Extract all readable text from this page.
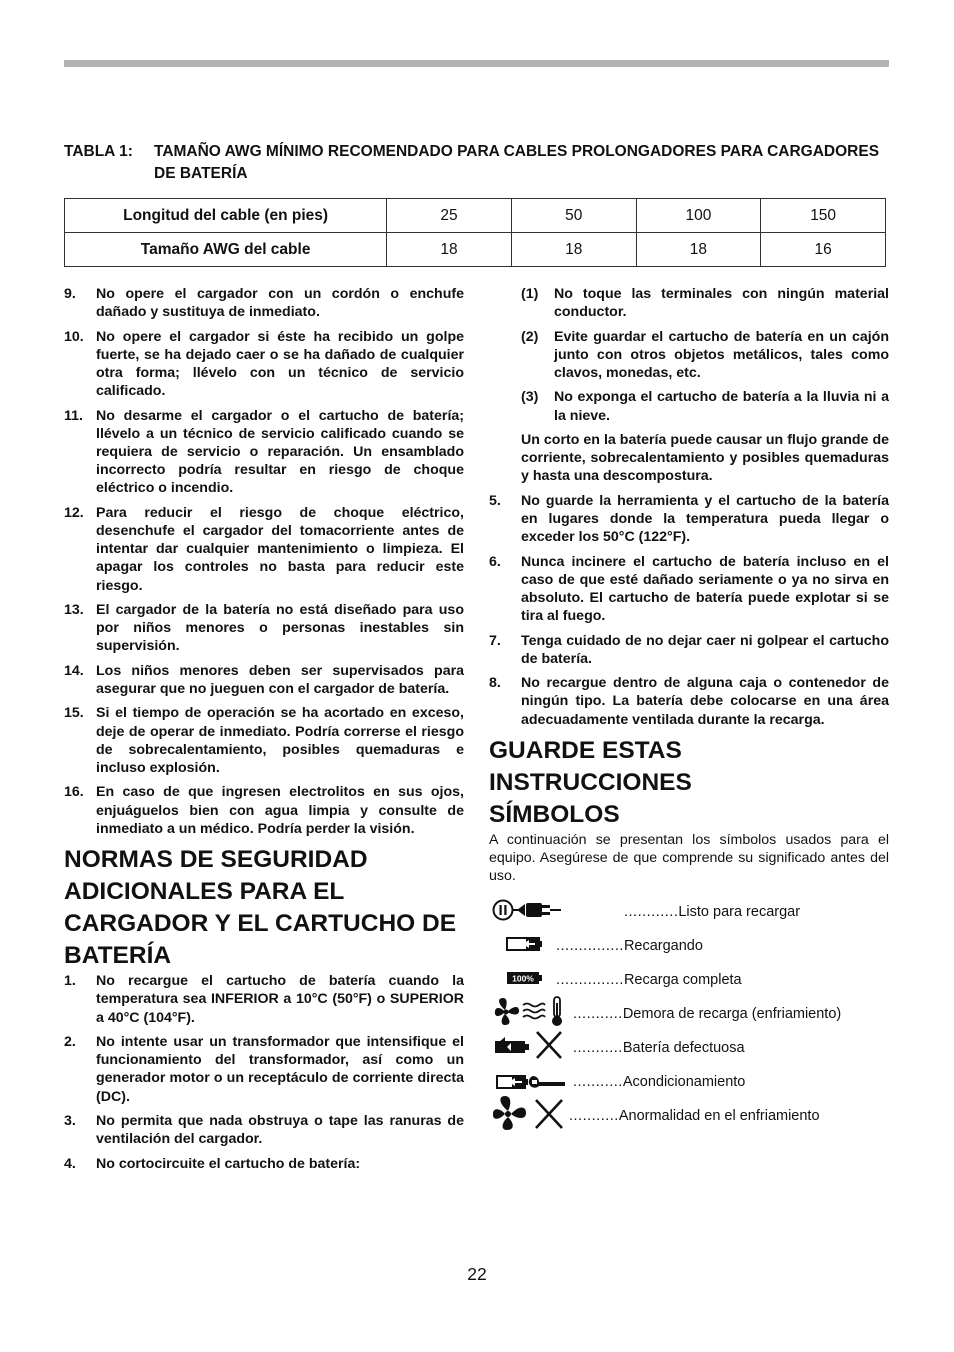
TABLA 1: TAMAÑO AWG MÍNIMO RECOMENDADO PARA CABLES PROLONGADORES PARA CARGADORES DE BATERÍA
Longitud del cable (en pies)	25	50	100	150
Tamaño AWG del cable	18	18	18	16
9. No opere el cargador con un cordón o enchufe dañado y sustituya de inmediato.
10. No opere el cargador si éste ha recibido un golpe fuerte, se ha dejado caer o se ha dañado de cualquier otra forma; llévelo con un técnico de servicio calificado.
11. No desarme el cargador o el cartucho de batería; llévelo a un técnico de servicio calificado cuando se requiera de servicio o reparación. Un ensamblado incorrecto podría resultar en riesgo de choque eléctrico o incendio.
12. Para reducir el riesgo de choque eléctrico, desenchufe el cargador del tomacorriente antes de intentar dar cualquier mantenimiento o limpieza. El apagar los controles no basta para reducir este riesgo.
13. El cargador de la batería no está diseñado para uso por niños menores o personas inestables sin supervisión.
14. Los niños menores deben ser supervisados para asegurar que no jueguen con el cargador de batería.
15. Si el tiempo de operación se ha acortado en exceso, deje de operar de inmediato. Podría correrse el riesgo de sobrecalentamiento, posibles quemaduras e incluso explosión.
16. En caso de que ingresen electrolitos en sus ojos, enjuáguelos bien con agua limpia y consulte de inmediato a un médico. Podría perder la visión.
NORMAS DE SEGURIDAD ADICIONALES PARA EL CARGADOR Y EL CARTUCHO DE BATERÍA
1. No recargue el cartucho de batería cuando la temperatura sea INFERIOR a 10°C (50°F) o SUPERIOR a 40°C (104°F).
2. No intente usar un transformador que intensifique el funcionamiento del transformador, así como un generador motor o un receptáculo de corriente directa (DC).
3. No permita que nada obstruya o tape las ranuras de ventilación del cargador.
4. No cortocircuite el cartucho de batería:
(1) No toque las terminales con ningún material conductor.
(2) Evite guardar el cartucho de batería en un cajón junto con otros objetos metálicos, tales como clavos, monedas, etc.
(3) No exponga el cartucho de batería a la lluvia ni a la nieve.
Un corto en la batería puede causar un flujo grande de corriente, sobrecalentamiento y posibles quemaduras y hasta una descompostura.
5. No guarde la herramienta y el cartucho de la batería en lugares donde la temperatura pueda llegar o exceder los 50°C (122°F).
6. Nunca incinere el cartucho de batería incluso en el caso de que esté dañado seriamente o ya no sirva en absoluto. El cartucho de batería puede explotar si se tira al fuego.
7. Tenga cuidado de no dejar caer ni golpear el cartucho de batería.
8. No recargue dentro de alguna caja o contenedor de ningún tipo. La batería debe colocarse en una área adecuadamente ventilada durante la recarga.
GUARDE ESTAS INSTRUCCIONES
SÍMBOLOS
A continuación se presentan los símbolos usados para el equipo. Asegúrese de que comprende su significado antes del uso.
............Listo para recargar
...............Recargando
100% ...............Recarga completa
...........Demora de recarga (enfriamiento)
...........Batería defectuosa
...........Acondicionamiento
...........Anormalidad en el enfriamiento
22
